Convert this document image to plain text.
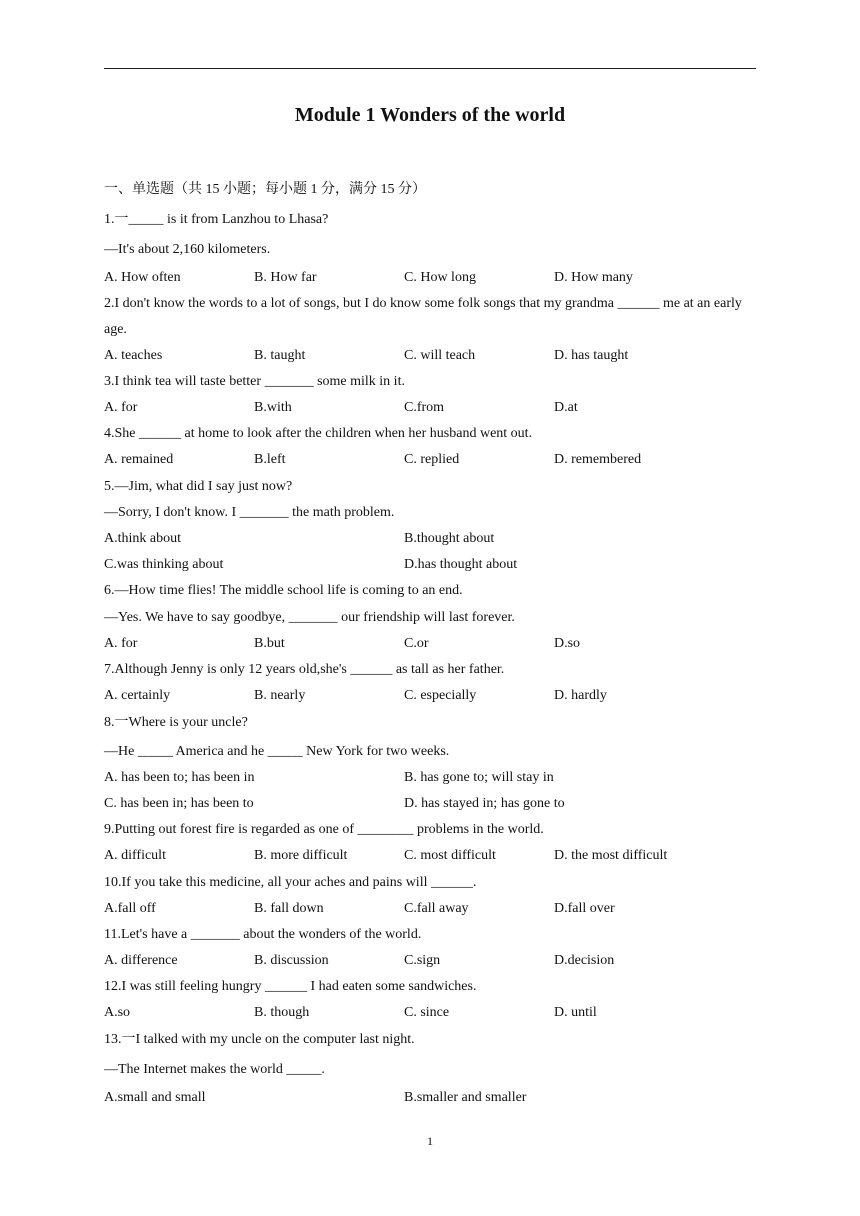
Module 1 Wonders of the world
一、单选题（共 15 小题；每小题 1 分，满分 15 分）
1.一_____ is it from Lanzhou to Lhasa?
—It's about 2,160 kilometers.
A. How often	B. How far	C. How long	D. How many
2.I don't know the words to a lot of songs, but I do know some folk songs that my grandma ______ me at an early age.
A. teaches	B. taught	C. will teach	D. has taught
3.I think tea will taste better _______ some milk in it.
A. for	B.with	C.from	D.at
4.She ______ at home to look after the children when her husband went out.
A. remained	B.left	C. replied	D. remembered
5.—Jim, what did I say just now?
—Sorry, I don't know. I _______ the math problem.
A.think about	B.thought about
C.was thinking about	D.has thought about
6.—How time flies! The middle school life is coming to an end.
—Yes. We have to say goodbye, _______ our friendship will last forever.
A. for	B.but	C.or	D.so
7.Although Jenny is only 12 years old,she's ______ as tall as her father.
A. certainly	B. nearly	C. especially	D. hardly
8.一Where is your uncle?
—He _____ America and he _____ New York for two weeks.
A. has been to; has been in	B. has gone to; will stay in
C. has been in; has been to	D. has stayed in; has gone to
9.Putting out forest fire is regarded as one of ________ problems in the world.
A. difficult	B. more difficult	C. most difficult	D. the most difficult
10.If you take this medicine, all your aches and pains will ______.
A.fall off	B. fall down	C.fall away	D.fall over
11.Let's have a _______ about the wonders of the world.
A. difference	B. discussion	C.sign	D.decision
12.I was still feeling hungry ______ I had eaten some sandwiches.
A.so	B. though	C. since	D. until
13.一I talked with my uncle on the computer last night.
—The Internet makes the world _____.
A.small and small	B.smaller and smaller
1
